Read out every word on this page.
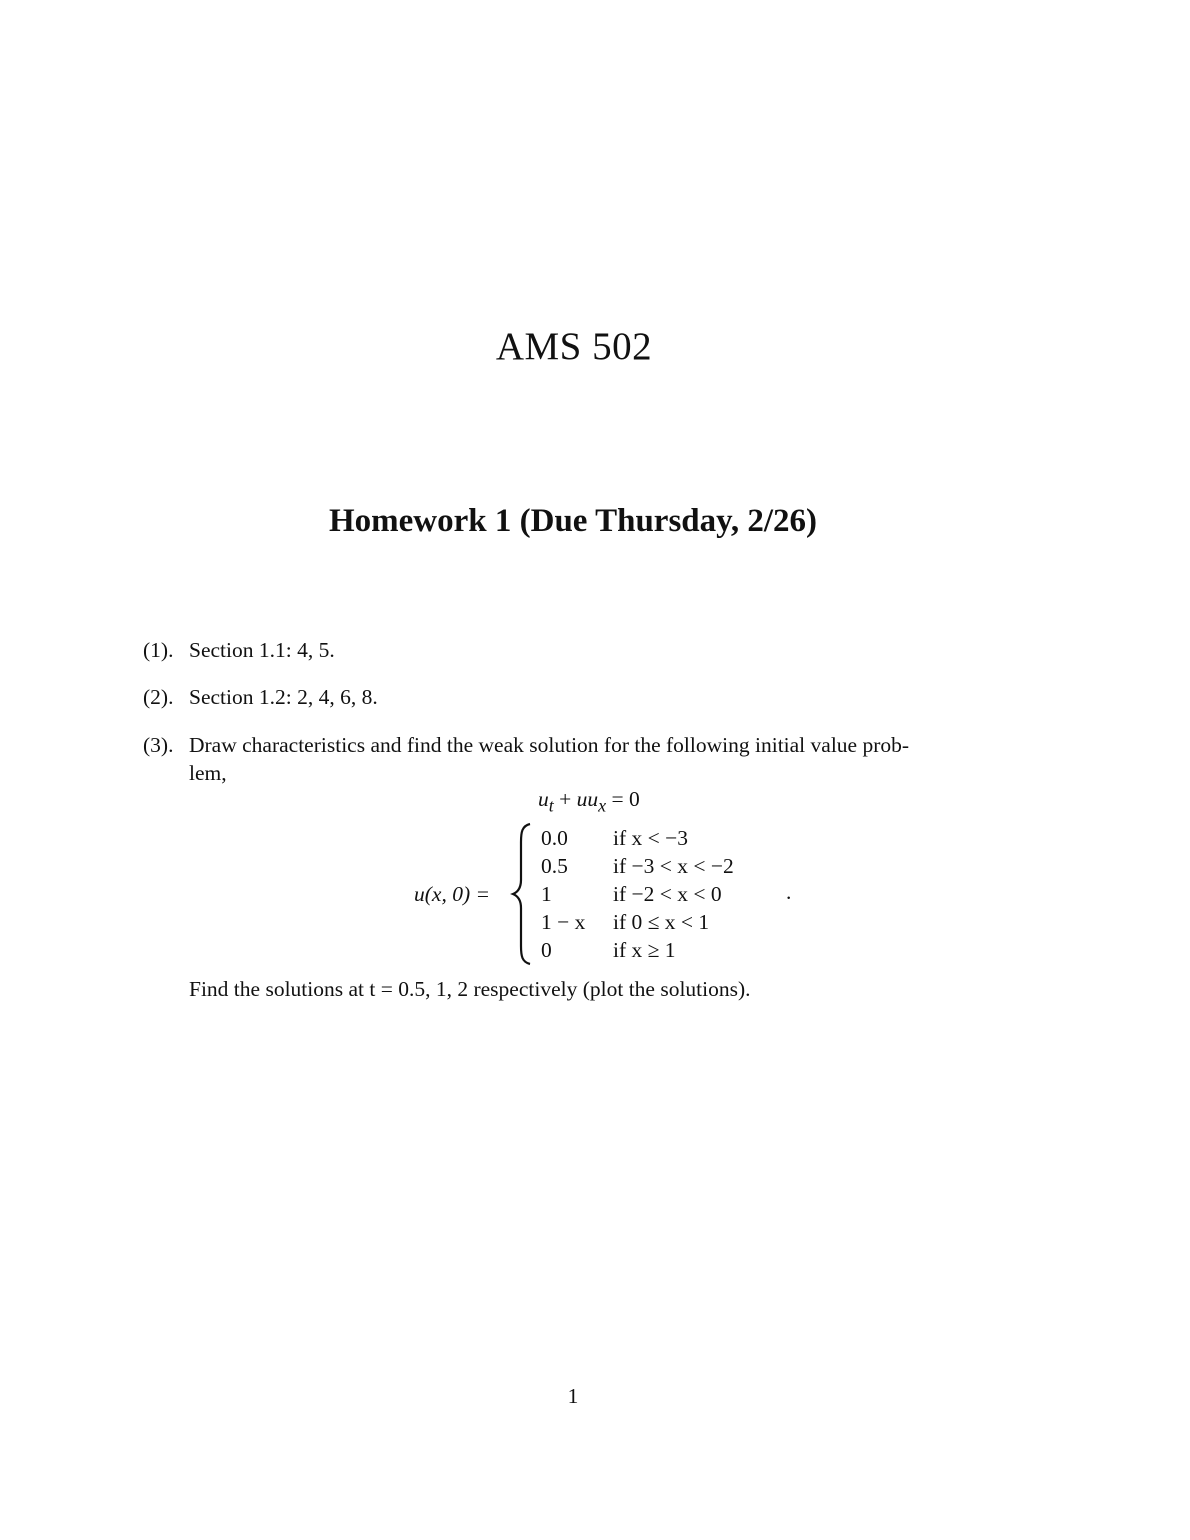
AMS 502
Homework 1 (Due Thursday, 2/26)
(1). Section 1.1: 4, 5.
(2). Section 1.2: 2, 4, 6, 8.
(3). Draw characteristics and find the weak solution for the following initial value prob-
lem,
$u_t + uu_x = 0$
u(x, 0) =
0.0 if x < −3
0.5 if −3 < x < −2
1	if −2 < x < 0
1 − x if 0 ≤ x < 1
0	if x ≥ 1
.
Find the solutions at t = 0.5, 1, 2 respectively (plot the solutions).
1
